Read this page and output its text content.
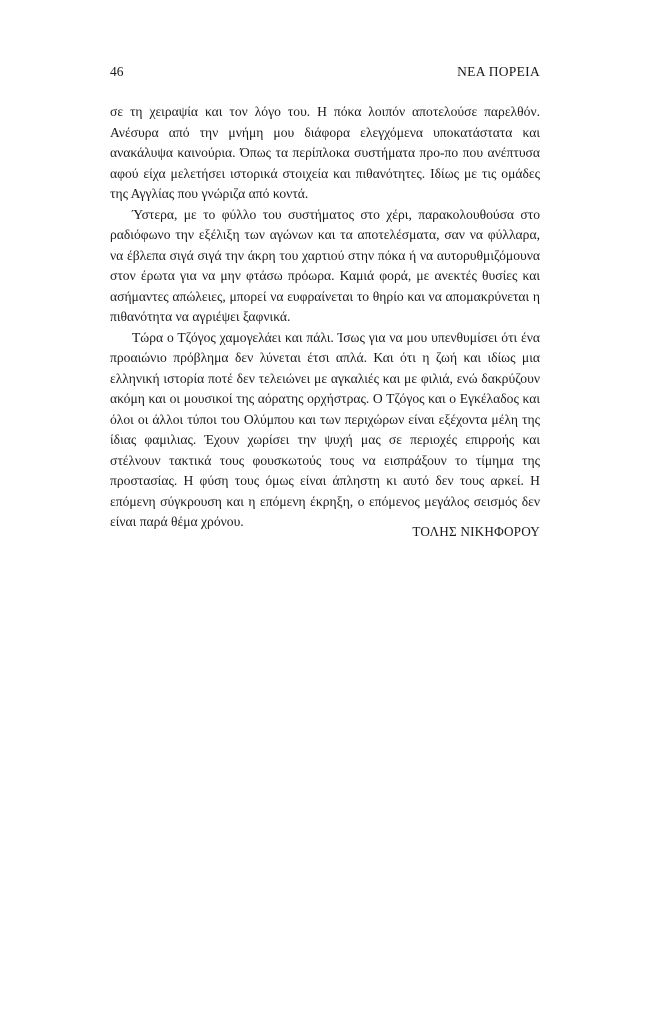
46	ΝΕΑ ΠΟΡΕΙΑ

σε τη χειραψία και τον λόγο του. Η πόκα λοιπόν αποτελούσε παρελθόν. Ανέσυρα από την μνήμη μου διάφορα ελεγχόμενα υποκατάστατα και ανακάλυψα καινούρια. Όπως τα περίπλοκα συστήματα προ-πο που ανέπτυσα αφού είχα μελετήσει ιστορικά στοιχεία και πιθανότητες. Ιδίως με τις ομάδες της Αγγλίας που γνώριζα από κοντά.

Ύστερα, με το φύλλο του συστήματος στο χέρι, παρακολουθούσα στο ραδιόφωνο την εξέλιξη των αγώνων και τα αποτελέσματα, σαν να φύλλαρα, να έβλεπα σιγά σιγά την άκρη του χαρτιού στην πόκα ή να αυτορυθμιζόμουνα στον έρωτα για να μην φτάσω πρόωρα. Καμιά φορά, με ανεκτές θυσίες και ασήμαντες απώλειες, μπορεί να ευφραίνεται το θηρίο και να απομακρύνεται η πιθανότητα να αγριέψει ξαφνικά.

Τώρα ο Τζόγος χαμογελάει και πάλι. Ίσως για να μου υπενθυμίσει ότι ένα προαιώνιο πρόβλημα δεν λύνεται έτσι απλά. Και ότι η ζωή και ιδίως μια ελληνική ιστορία ποτέ δεν τελειώνει με αγκαλιές και με φιλιά, ενώ δακρύζουν ακόμη και οι μουσικοί της αόρατης ορχήστρας. Ο Τζόγος και ο Εγκέλαδος και όλοι οι άλλοι τύποι του Ολύμπου και των περιχώρων είναι εξέχοντα μέλη της ίδιας φαμιλιας. Έχουν χωρίσει την ψυχή μας σε περιοχές επιρροής και στέλνουν τακτικά τους φουσκωτούς τους να εισπράξουν το τίμημα της προστασίας. Η φύση τους όμως είναι άπληστη κι αυτό δεν τους αρκεί. Η επόμενη σύγκρουση και η επόμενη έκρηξη, ο επόμενος μεγάλος σεισμός δεν είναι παρά θέμα χρόνου.

ΤΟΛΗΣ ΝΙΚΗΦΟΡΟΥ
